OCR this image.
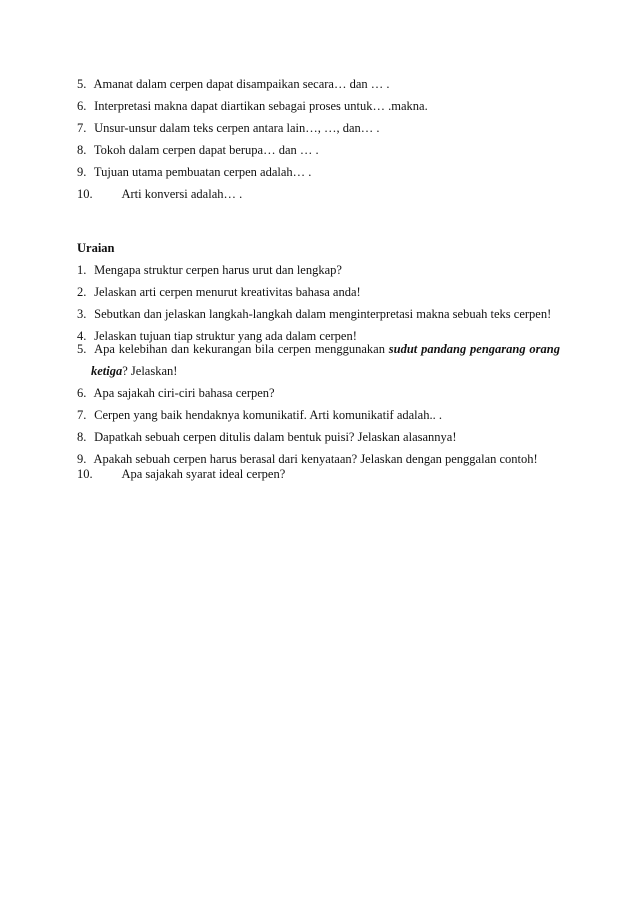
5. Amanat dalam cerpen dapat disampaikan secara… dan … .
6. Interpretasi makna dapat diartikan sebagai proses untuk… .makna.
7. Unsur-unsur dalam teks cerpen antara lain…, …, dan… .
8. Tokoh dalam cerpen dapat berupa… dan … .
9. Tujuan utama pembuatan cerpen adalah… .
10. Arti konversi adalah… .
Uraian
1. Mengapa struktur cerpen harus urut dan lengkap?
2. Jelaskan arti cerpen menurut kreativitas bahasa anda!
3. Sebutkan dan jelaskan langkah-langkah dalam menginterpretasi makna sebuah teks cerpen!
4. Jelaskan tujuan tiap struktur yang ada dalam cerpen!
5. Apa kelebihan dan kekurangan bila cerpen menggunakan sudut pandang pengarang orang
ketiga? Jelaskan!
6. Apa sajakah ciri-ciri bahasa cerpen?
7. Cerpen yang baik hendaknya komunikatif. Arti komunikatif adalah.. .
8. Dapatkah sebuah cerpen ditulis dalam bentuk puisi? Jelaskan alasannya!
9. Apakah sebuah cerpen harus berasal dari kenyataan? Jelaskan dengan penggalan contoh!
10. Apa sajakah syarat ideal cerpen?
